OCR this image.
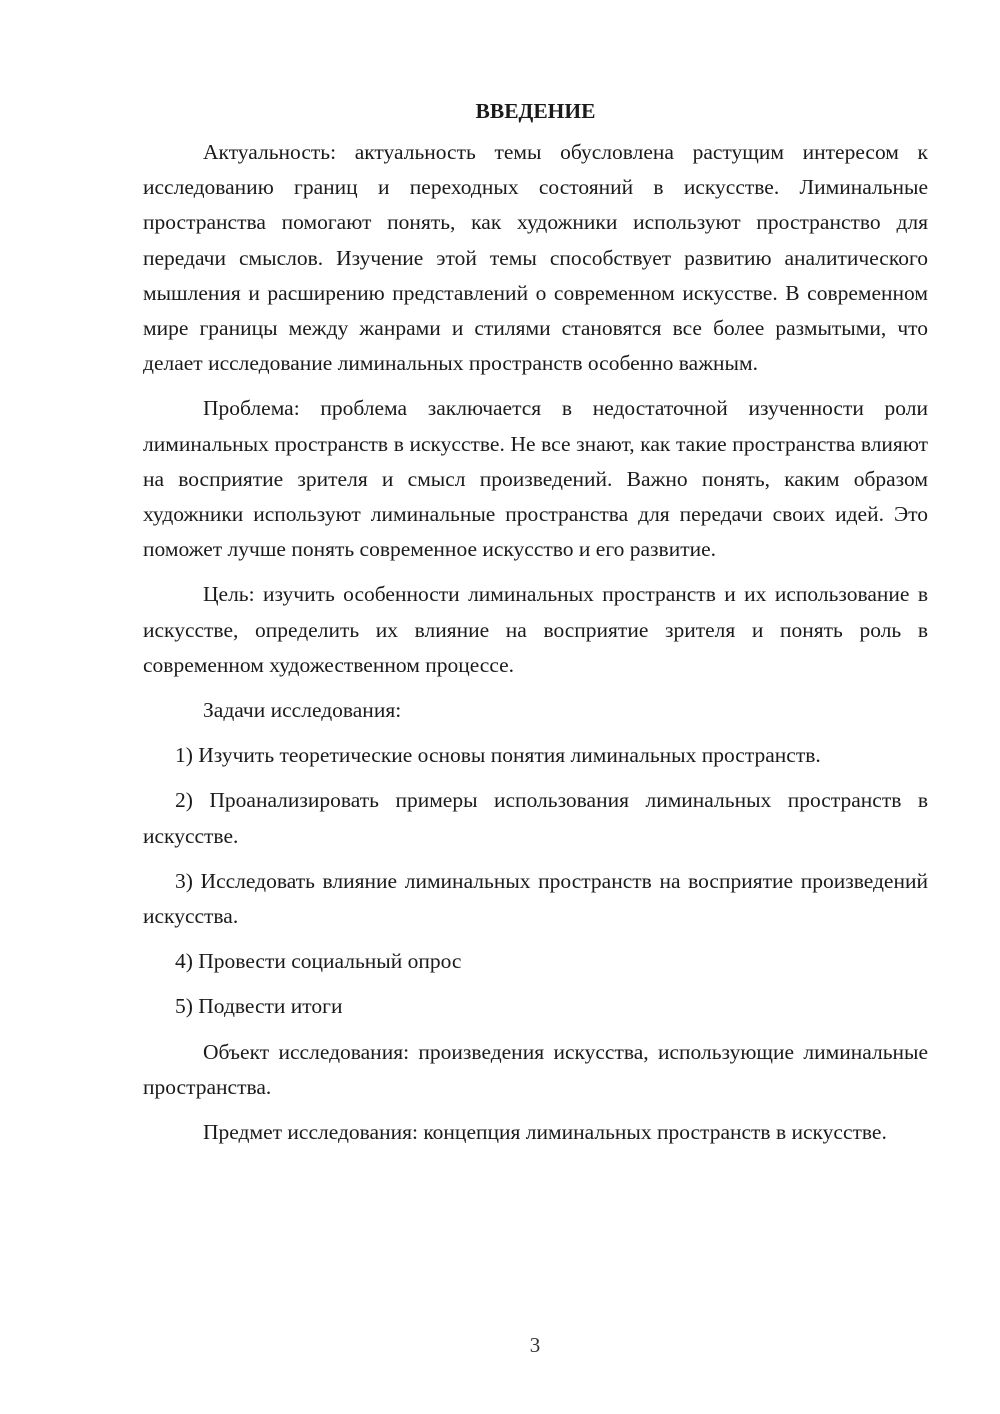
ВВЕДЕНИЕ

Актуальность: актуальность темы обусловлена растущим интересом к исследованию границ и переходных состояний в искусстве. Лиминальные пространства помогают понять, как художники используют пространство для передачи смыслов. Изучение этой темы способствует развитию аналитического мышления и расширению представлений о современном искусстве. В современном мире границы между жанрами и стилями становятся все более размытыми, что делает исследование лиминальных пространств особенно важным.

Проблема: проблема заключается в недостаточной изученности роли лиминальных пространств в искусстве. Не все знают, как такие пространства влияют на восприятие зрителя и смысл произведений. Важно понять, каким образом художники используют лиминальные пространства для передачи своих идей. Это поможет лучше понять современное искусство и его развитие.

Цель: изучить особенности лиминальных пространств и их использование в искусстве, определить их влияние на восприятие зрителя и понять роль в современном художественном процессе.

Задачи исследования:

1) Изучить теоретические основы понятия лиминальных пространств.

2) Проанализировать примеры использования лиминальных пространств в искусстве.

3) Исследовать влияние лиминальных пространств на восприятие произведений искусства.

4) Провести социальный опрос

5) Подвести итоги

Объект исследования: произведения искусства, использующие лиминальные пространства.

Предмет исследования: концепция лиминальных пространств в искусстве.

3
